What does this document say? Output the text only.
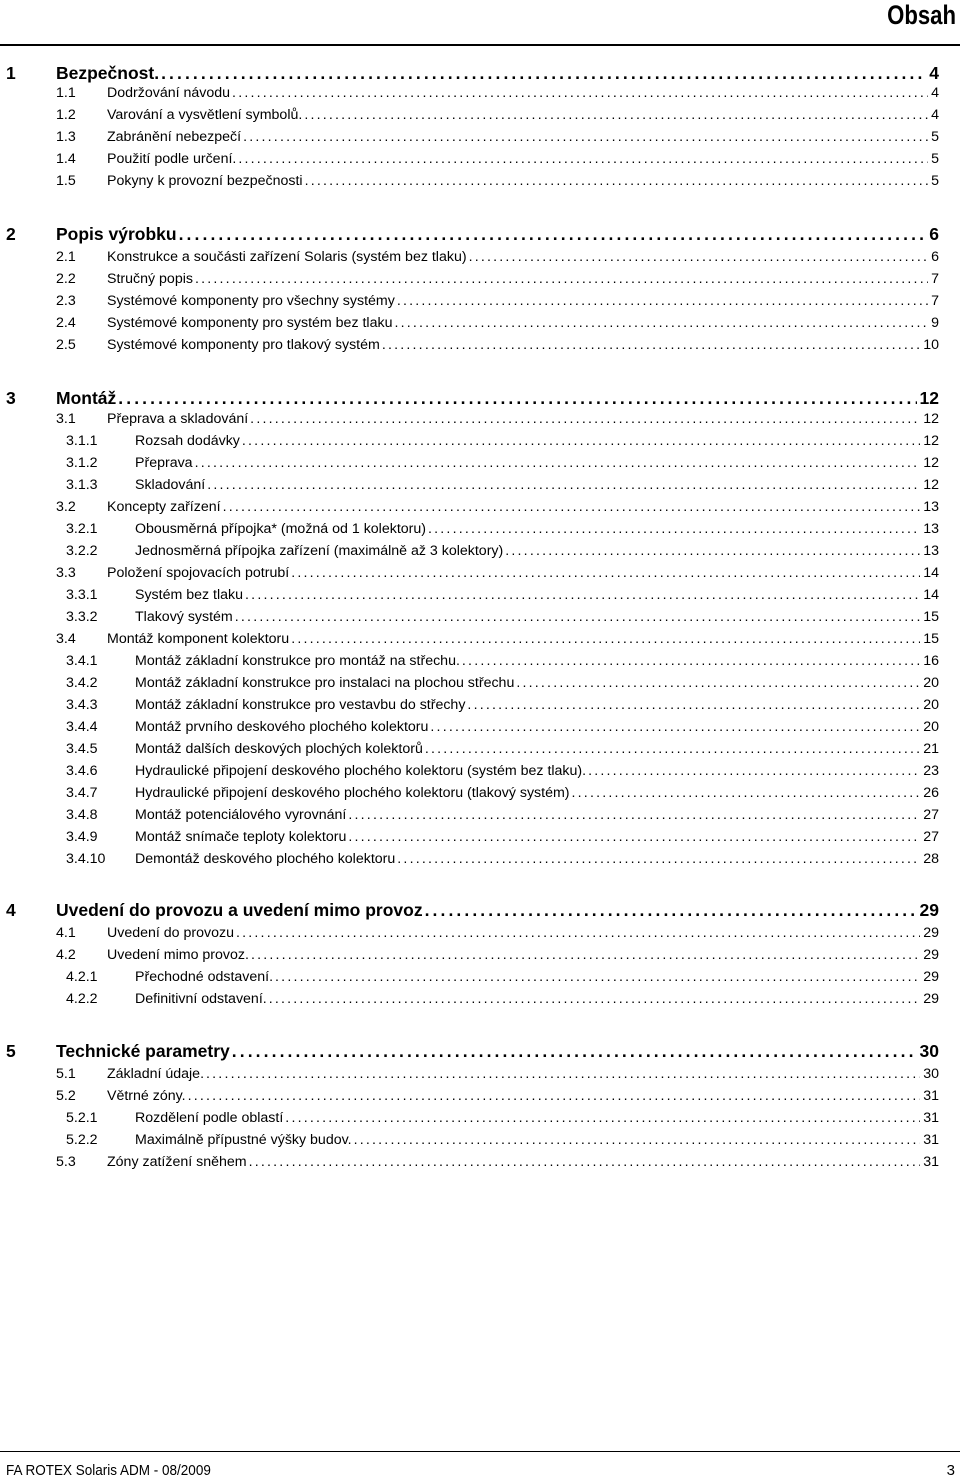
Obsah
1 Bezpečnost. .....	4
1.1 Dodržování návodu .....	4
1.2 Varování a vysvětlení symbolů. .....	4
1.3 Zabránění nebezpečí .....	5
1.4 Použití podle určení. .....	5
1.5 Pokyny k provozní bezpečnosti .....	5
2 Popis výrobku .....	6
2.1 Konstrukce a součásti zařízení Solaris (systém bez tlaku) .....	6
2.2 Stručný popis .....	7
2.3 Systémové komponenty pro všechny systémy .....	7
2.4 Systémové komponenty pro systém bez tlaku .....	9
2.5 Systémové komponenty pro tlakový systém .....	10
3 Montáž .....	12
3.1 Přeprava a skladování .....	12
3.1.1	Rozsah dodávky .....	12
3.1.2	Přeprava .....	12
3.1.3	Skladování .....	12
3.2 Koncepty zařízení .....	13
3.2.1	Obousměrná přípojka* (možná od 1 kolektoru) .....	13
3.2.2	Jednosměrná přípojka zařízení (maximálně až 3 kolektory) .....	13
3.3 Položení spojovacích potrubí .....	14
3.3.1	Systém bez tlaku .....	14
3.3.2	Tlakový systém .....	15
3.4 Montáž komponent kolektoru .....	15
3.4.1	Montáž základní konstrukce pro montáž na střechu. .....	16
3.4.2	Montáž základní konstrukce pro instalaci na plochou střechu .....	20
3.4.3	Montáž základní konstrukce pro vestavbu do střechy .....	20
3.4.4	Montáž prvního deskového plochého kolektoru .....	20
3.4.5	Montáž dalších deskových plochých kolektorů .....	21
3.4.6	Hydraulické připojení deskového plochého kolektoru (systém bez tlaku). .....	23
3.4.7	Hydraulické připojení deskového plochého kolektoru (tlakový systém) .....	26
3.4.8	Montáž potenciálového vyrovnání .....	27
3.4.9	Montáž snímače teploty kolektoru .....	27
3.4.10 Demontáž deskového plochého kolektoru .....	28
4 Uvedení do provozu a uvedení mimo provoz .....	29
4.1 Uvedení do provozu .....	29
4.2 Uvedení mimo provoz. .....	29
4.2.1	Přechodné odstavení. .....	29
4.2.2	Definitivní odstavení. .....	29
5 Technické parametry .....	30
5.1 Základní údaje. .....	30
5.2 Větrné zóny. .....	31
5.2.1	Rozdělení podle oblastí .....	31
5.2.2	Maximálně přípustné výšky budov. .....	31
5.3 Zóny zatížení sněhem .....	31
FA ROTEX Solaris ADM - 08/2009	3
